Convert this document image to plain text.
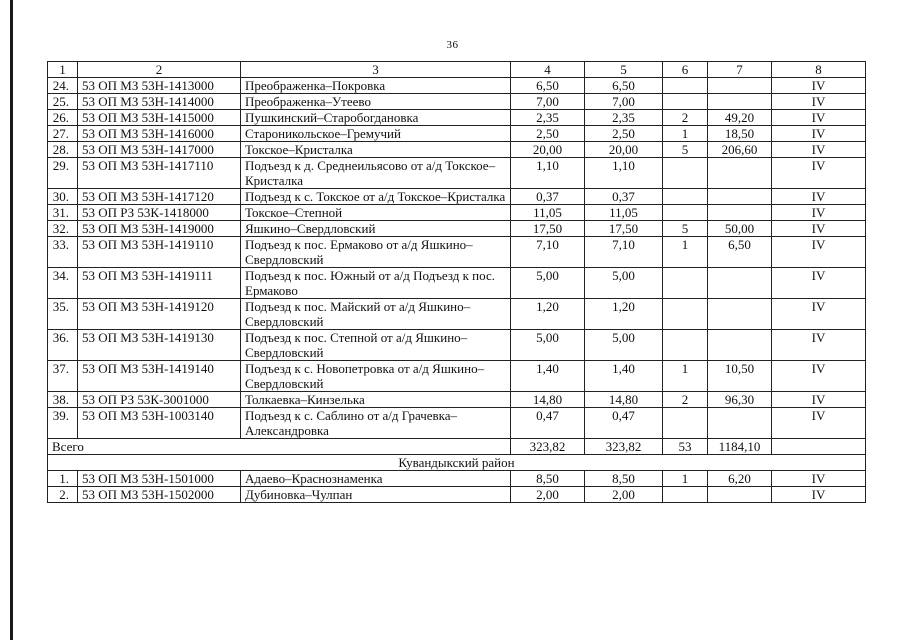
36
1	2	3	4	5	6	7	8
24.	53 ОП МЗ 53Н-1413000	Преображенка–Покровка	6,50	6,50			IV
25.	53 ОП МЗ 53Н-1414000	Преображенка–Утеево	7,00	7,00			IV
26.	53 ОП МЗ 53Н-1415000	Пушкинский–Старобогдановка	2,35	2,35	2	49,20	IV
27.	53 ОП МЗ 53Н-1416000	Староникольское–Гремучий	2,50	2,50	1	18,50	IV
28.	53 ОП МЗ 53Н-1417000	Токское–Кристалка	20,00	20,00	5	206,60	IV
29.	53 ОП МЗ 53Н-1417110	Подъезд к д. Среднеильясово от а/д Токское–Кристалка	1,10	1,10			IV
30.	53 ОП МЗ 53Н-1417120	Подъезд к с. Токское от а/д Токское–Кристалка	0,37	0,37			IV
31.	53 ОП РЗ 53К-1418000	Токское–Степной	11,05	11,05			IV
32.	53 ОП МЗ 53Н-1419000	Яшкино–Свердловский	17,50	17,50	5	50,00	IV
33.	53 ОП МЗ 53Н-1419110	Подъезд к пос. Ермаково от а/д Яшкино–Свердловский	7,10	7,10	1	6,50	IV
34.	53 ОП МЗ 53Н-1419111	Подъезд к пос. Южный от а/д Подъезд к пос. Ермаково	5,00	5,00			IV
35.	53 ОП МЗ 53Н-1419120	Подъезд к пос. Майский от а/д Яшкино–Свердловский	1,20	1,20			IV
36.	53 ОП МЗ 53Н-1419130	Подъезд к пос. Степной от а/д Яшкино–Свердловский	5,00	5,00			IV
37.	53 ОП МЗ 53Н-1419140	Подъезд к с. Новопетровка от а/д Яшкино–Свердловский	1,40	1,40	1	10,50	IV
38.	53 ОП РЗ 53К-3001000	Толкаевка–Кинзелька	14,80	14,80	2	96,30	IV
39.	53 ОП МЗ 53Н-1003140	Подъезд к с. Саблино от а/д Грачевка–Александровка	0,47	0,47			IV
Всего			323,82	323,82	53	1184,10	
Кувандыкский район							
1.	53 ОП МЗ 53Н-1501000	Адаево–Краснознаменка	8,50	8,50	1	6,20	IV
2.	53 ОП МЗ 53Н-1502000	Дубиновка–Чулпан	2,00	2,00			IV
